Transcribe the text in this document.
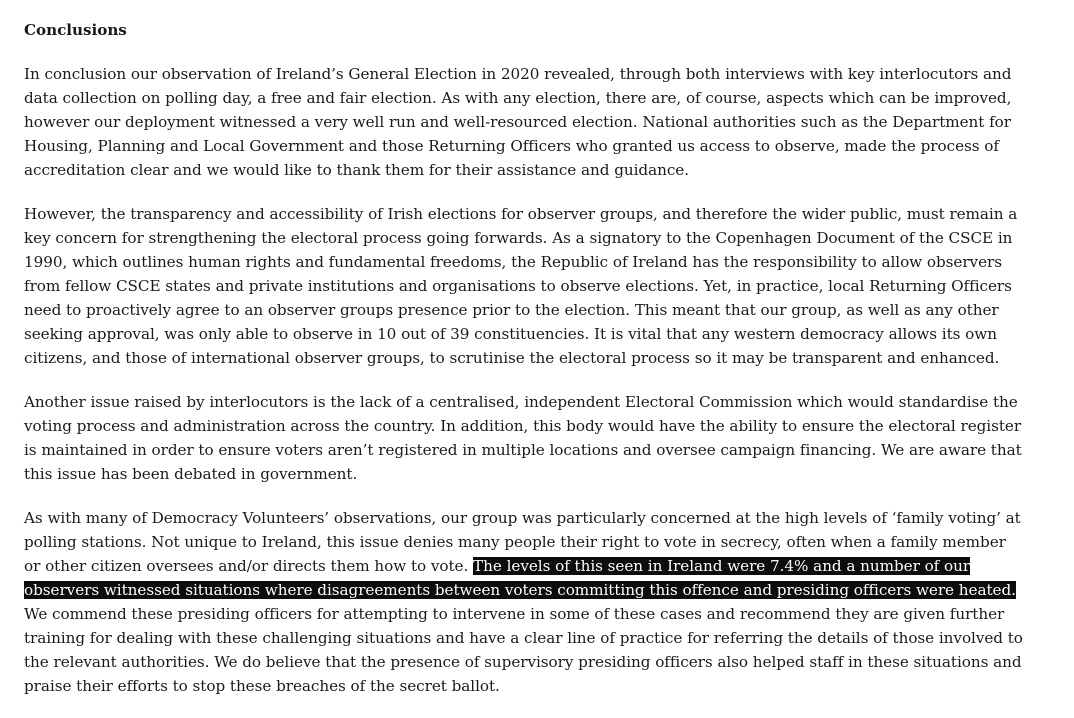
Conclusions

In conclusion our observation of Ireland’s General Election in 2020 revealed, through both interviews with key interlocutors and data collection on polling day, a free and fair election. As with any election, there are, of course, aspects which can be improved, however our deployment witnessed a very well run and well-resourced election. National authorities such as the Department for Housing, Planning and Local Government and those Returning Officers who granted us access to observe, made the process of accreditation clear and we would like to thank them for their assistance and guidance.

However, the transparency and accessibility of Irish elections for observer groups, and therefore the wider public, must remain a key concern for strengthening the electoral process going forwards. As a signatory to the Copenhagen Document of the CSCE in 1990, which outlines human rights and fundamental freedoms, the Republic of Ireland has the responsibility to allow observers from fellow CSCE states and private institutions and organisations to observe elections. Yet, in practice, local Returning Officers need to proactively agree to an observer groups presence prior to the election. This meant that our group, as well as any other seeking approval, was only able to observe in 10 out of 39 constituencies. It is vital that any western democracy allows its own citizens, and those of international observer groups, to scrutinise the electoral process so it may be transparent and enhanced.

Another issue raised by interlocutors is the lack of a centralised, independent Electoral Commission which would standardise the voting process and administration across the country. In addition, this body would have the ability to ensure the electoral register is maintained in order to ensure voters aren’t registered in multiple locations and oversee campaign financing. We are aware that this issue has been debated in government.

As with many of Democracy Volunteers’ observations, our group was particularly concerned at the high levels of ‘family voting’ at polling stations. Not unique to Ireland, this issue denies many people their right to vote in secrecy, often when a family member or other citizen oversees and/or directs them how to vote. The levels of this seen in Ireland were 7.4% and a number of our observers witnessed situations where disagreements between voters committing this offence and presiding officers were heated. We commend these presiding officers for attempting to intervene in some of these cases and recommend they are given further training for dealing with these challenging situations and have a clear line of practice for referring the details of those involved to the relevant authorities. We do believe that the presence of supervisory presiding officers also helped staff in these situations and praise their efforts to stop these breaches of the secret ballot.
